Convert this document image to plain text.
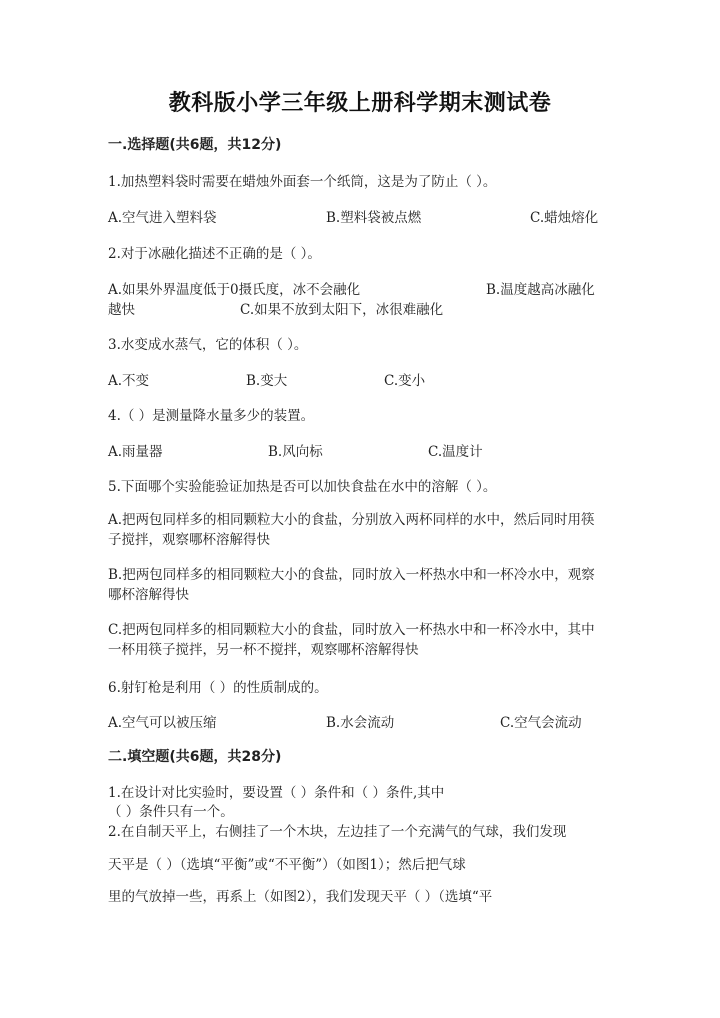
教科版小学三年级上册科学期末测试卷
一.选择题(共6题，共12分)
1.加热塑料袋时需要在蜡烛外面套一个纸筒，这是为了防止（ ）。
A.空气进入塑料袋	B.塑料袋被点燃	C.蜡烛熔化
2.对于冰融化描述不正确的是（ ）。
A.如果外界温度低于0摄氏度，冰不会融化	B.温度越高冰融化
越快	C.如果不放到太阳下，冰很难融化
3.水变成水蒸气，它的体积（ ）。
A.不变	B.变大	C.变小
4.（ ）是测量降水量多少的装置。
A.雨量器	B.风向标	C.温度计
5.下面哪个实验能验证加热是否可以加快食盐在水中的溶解（ ）。
A.把两包同样多的相同颗粒大小的食盐，分别放入两杯同样的水中，然后同时用筷子搅拌，观察哪杯溶解得快
B.把两包同样多的相同颗粒大小的食盐，同时放入一杯热水中和一杯冷水中，观察哪杯溶解得快
C.把两包同样多的相同颗粒大小的食盐，同时放入一杯热水中和一杯冷水中，其中一杯用筷子搅拌，另一杯不搅拌，观察哪杯溶解得快
6.射钉枪是利用（ ）的性质制成的。
A.空气可以被压缩	B.水会流动	C.空气会流动
二.填空题(共6题，共28分)
1.在设计对比实验时，要设置（ ）条件和（ ）条件,其中
（ ）条件只有一个。
2.在自制天平上，右侧挂了一个木块，左边挂了一个充满气的气球，我们发现
天平是（ ）（选填“平衡”或“不平衡”）（如图1）；然后把气球
里的气放掉一些，再系上（如图2），我们发现天平（ ）（选填“平
